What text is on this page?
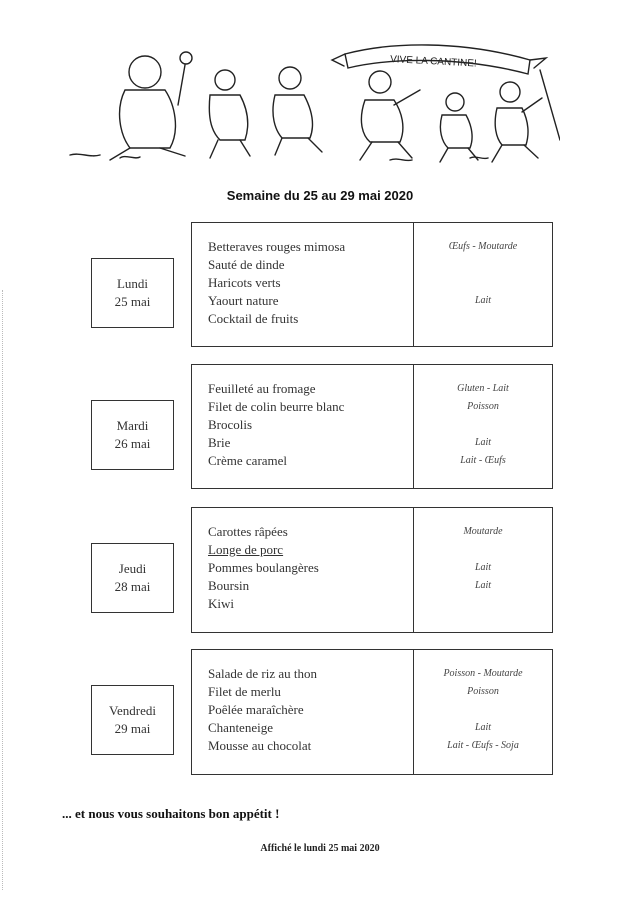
VIVE LA CANTINE!
Semaine du 25 au 29 mai 2020
Lundi
25 mai
Betteraves rouges mimosa
Sauté de dinde
Haricots verts
Yaourt nature
Cocktail de fruits
Œufs - Moutarde
Lait
Mardi
26 mai
Feuilleté au fromage
Filet de colin beurre blanc
Brocolis
Brie
Crème caramel
Gluten - Lait
Poisson
Lait
Lait - Œufs
Jeudi
28 mai
Carottes râpées
Longe de porc
Pommes boulangères
Boursin
Kiwi
Moutarde
Lait
Lait
Vendredi
29 mai
Salade de riz au thon
Filet de merlu
Poêlée maraîchère
Chanteneige
Mousse au chocolat
Poisson - Moutarde
Poisson
Lait
Lait - Œufs - Soja
... et nous vous souhaitons bon appétit !
Affiché le lundi 25 mai 2020
